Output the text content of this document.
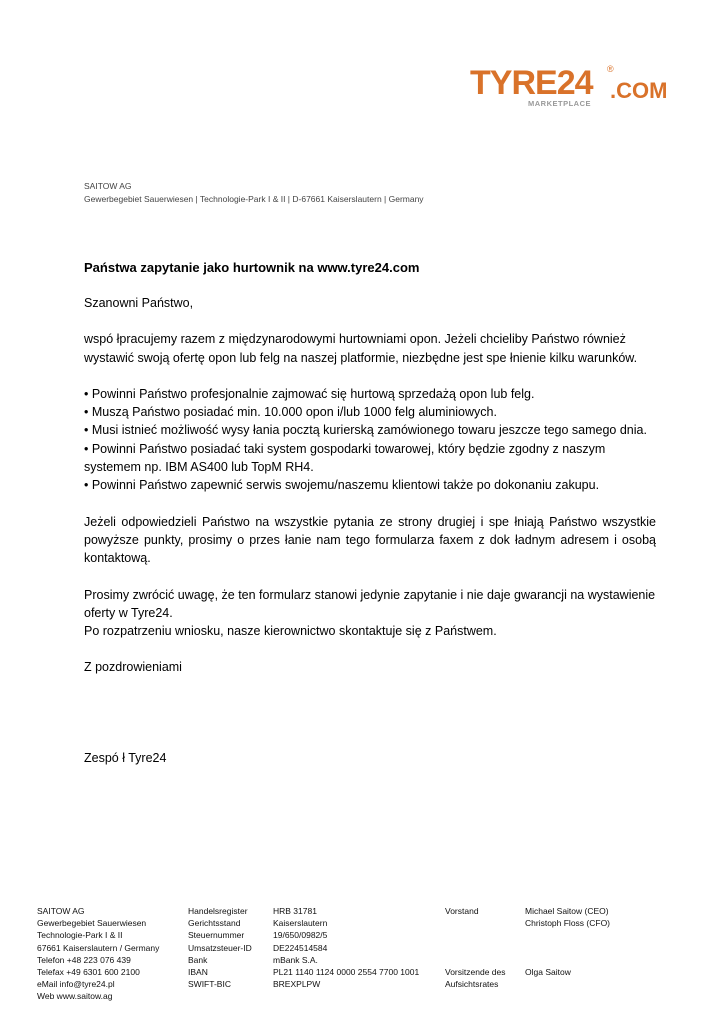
TYRE24 ®
.COM
MARKETPLACE
SAITOW AG
Gewerbegebiet Sauerwiesen | Technologie-Park I & II | D-67661 Kaiserslautern | Germany
Państwa zapytanie jako hurtownik na www.tyre24.com

Szanowni Państwo,

wspó łpracujemy razem z międzynarodowymi hurtowniami opon. Jeżeli chcieliby Państwo również wystawić swoją ofertę opon lub felg na naszej platformie, niezbędne jest spe łnienie kilku warunków.

• Powinni Państwo profesjonalnie zajmować się hurtową sprzedażą opon lub felg.
• Muszą Państwo posiadać min. 10.000 opon i/lub 1000 felg aluminiowych.
• Musi istnieć możliwość wysy łania pocztą kurierską zamówionego towaru jeszcze tego samego dnia.
• Powinni Państwo posiadać taki system gospodarki towarowej, który będzie zgodny z naszym systemem np. IBM AS400 lub TopM RH4.
• Powinni Państwo zapewnić serwis swojemu/naszemu klientowi także po dokonaniu zakupu.

Jeżeli odpowiedzieli Państwo na wszystkie pytania ze strony drugiej i spe łniają Państwo wszystkie powyższe punkty, prosimy o przes łanie nam tego formularza faxem z dok ładnym adresem i osobą kontaktową.

Prosimy zwrócić uwagę, że ten formularz stanowi jedynie zapytanie i nie daje gwarancji na wystawienie oferty w Tyre24.

Po rozpatrzeniu wniosku, nasze kierownictwo skontaktuje się z Państwem.

Z pozdrowieniami

Zespó ł Tyre24

SAITOW AG
Gewerbegebiet Sauerwiesen
Technologie-Park I & II
67661 Kaiserslautern / Germany
Telefon +48 223 076 439
Telefax +49 6301 600 2100
eMail info@tyre24.pl
Web www.saitow.ag
Handelsregister
Gerichtsstand
Steuernummer
Umsatzsteuer-ID
Bank
IBAN
SWIFT-BIC
HRB 31781
Kaiserslautern
19/650/0982/5
DE224514584
mBank S.A.
PL21 1140 1124 0000 2554 7700 1001
BREXPLPW
Vorstand

Vorsitzende des
Aufsichtsrates
Michael Saitow (CEO)
Christoph Floss (CFO)

Olga Saitow
